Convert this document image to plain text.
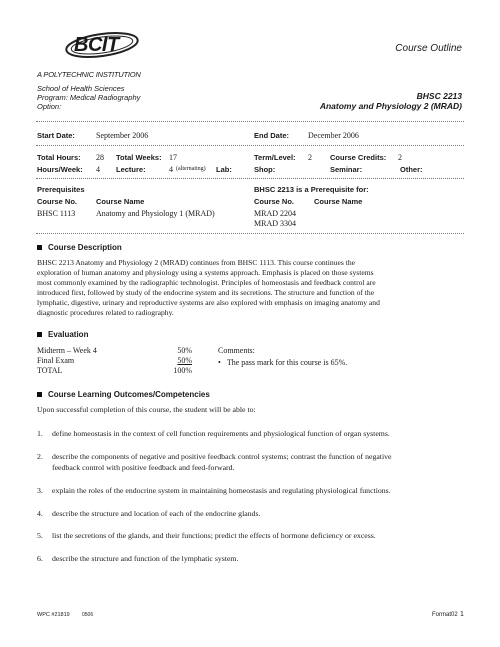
BCIT	Course Outline
A POLYTECHNIC INSTITUTION
School of Health Sciences
Program: Medical Radiography
Option:
BHSC 2213
Anatomy and Physiology 2 (MRAD)
Start Date:	September 2006	End Date: December 2006
Total Hours: 28 Total Weeks: 17	Term/Level: 2 Course Credits: 2
Hours/Week: 4 Lecture:	4 (alternating) Lab:	Shop:	Seminar:	Other:
Prerequisites
Course No.	Course Name
BHSC 1113	Anatomy and Physiology 1 (MRAD)
BHSC 2213 is a Prerequisite for:
Course No.	Course Name
MRAD 2204
MRAD 3304
Course Description
BHSC 2213 Anatomy and Physiology 2 (MRAD) continues from BHSC 1113. This course continues the
exploration of human anatomy and physiology using a systems approach. Emphasis is placed on those systems
most commonly examined by the radiographic technologist. Principles of homeostasis and feedback control are
introduced first, followed by study of the endocrine system and its secretions. The structure and function of the
lymphatic, digestive, urinary and reproductive systems are also explored with emphasis on imaging anatomy and
diagnostic procedures related to radiography.
Evaluation
Midterm – Week 4	50%
Final Exam	50%
TOTAL	100%
Comments:
• The pass mark for this course is 65%.
Course Learning Outcomes/Competencies
Upon successful completion of this course, the student will be able to:
1.	define homeostasis in the context of cell function requirements and physiological function of organ systems.
2.	describe the components of negative and positive feedback control systems; contrast the function of negative
feedback control with positive feedback and feed-forward.
3.	explain the roles of the endocrine system in maintaining homeostasis and regulating physiological functions.
4.	describe the structure and location of each of the endocrine glands.
5.	list the secretions of the glands, and their functions; predict the effects of hormone deficiency or excess.
6.	describe the structure and function of the lymphatic system.
WPC #21819 0506	Format02 1
